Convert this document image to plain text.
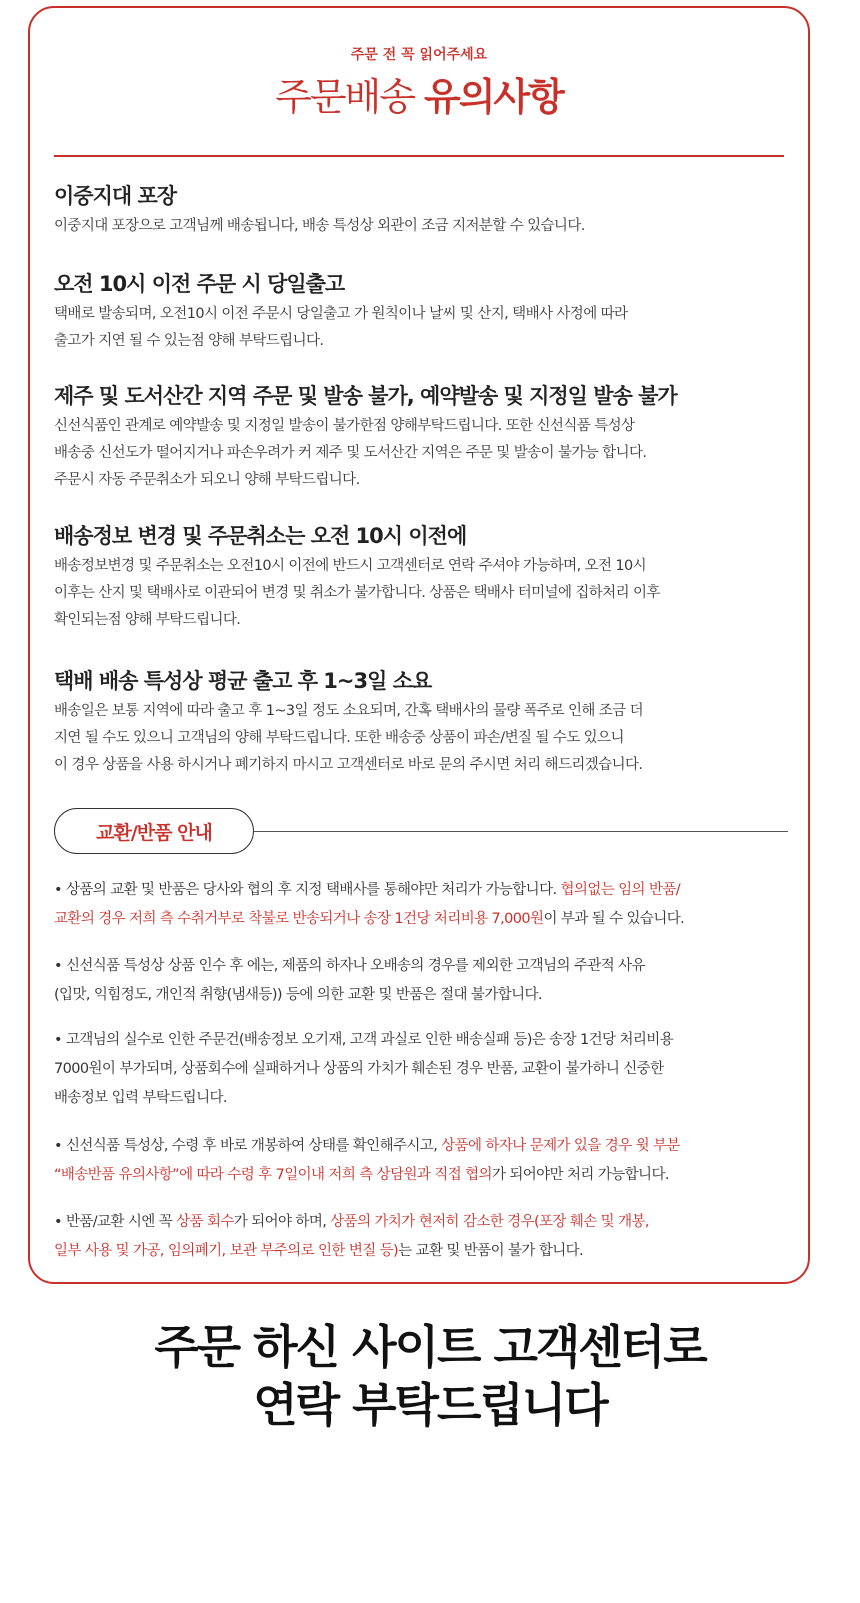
주문 전 꼭 읽어주세요
주문배송 유의사항
이중지대 포장
이중지대 포장으로 고객님께 배송됩니다, 배송 특성상 외관이 조금 지저분할 수 있습니다.
오전 10시 이전 주문 시 당일출고
택배로 발송되며, 오전10시 이전 주문시 당일출고 가 원칙이나 날씨 및 산지, 택배사 사정에 따라
출고가 지연 될 수 있는점 양해 부탁드립니다.
제주 및 도서산간 지역 주문 및 발송 불가, 예약발송 및 지정일 발송 불가
신선식품인 관계로 예약발송 및 지정일 발송이 불가한점 양해부탁드립니다. 또한 신선식품 특성상
배송중 신선도가 떨어지거나 파손우려가 커 제주 및 도서산간 지역은 주문 및 발송이 불가능 합니다.
주문시 자동 주문취소가 되오니 양해 부탁드립니다.
배송정보 변경 및 주문취소는 오전 10시 이전에
배송정보변경 및 주문취소는 오전10시 이전에 반드시 고객센터로 연락 주셔야 가능하며, 오전 10시
이후는 산지 및 택배사로 이관되어 변경 및 취소가 불가합니다. 상품은 택배사 터미널에 집하처리 이후
확인되는점 양해 부탁드립니다.
택배 배송 특성상 평균 출고 후 1~3일 소요
배송일은 보통 지역에 따라 출고 후 1~3일 정도 소요되며, 간혹 택배사의 물량 폭주로 인해 조금 더
지연 될 수도 있으니 고객님의 양해 부탁드립니다. 또한 배송중 상품이 파손/변질 될 수도 있으니
이 경우 상품을 사용 하시거나 폐기하지 마시고 고객센터로 바로 문의 주시면 처리 해드리겠습니다.
교환/반품 안내
• 상품의 교환 및 반품은 당사와 협의 후 지정 택배사를 통해야만 처리가 가능합니다. 협의없는 임의 반품/
교환의 경우 저희 측 수취거부로 착불로 반송되거나 송장 1건당 처리비용 7,000원이 부과 될 수 있습니다.
• 신선식품 특성상 상품 인수 후 에는, 제품의 하자나 오배송의 경우를 제외한 고객님의 주관적 사유
(입맛, 익힘정도, 개인적 취향(냄새등)) 등에 의한 교환 및 반품은 절대 불가합니다.
• 고객님의 실수로 인한 주문건(배송정보 오기재, 고객 과실로 인한 배송실패 등)은 송장 1건당 처리비용
7000원이 부가되며, 상품회수에 실패하거나 상품의 가치가 훼손된 경우 반품, 교환이 불가하니 신중한
배송정보 입력 부탁드립니다.
• 신선식품 특성상, 수령 후 바로 개봉하여 상태를 확인해주시고, 상품에 하자나 문제가 있을 경우 윗 부분
“배송반품 유의사항”에 따라 수령 후 7일이내 저희 측 상담원과 직접 협의가 되어야만 처리 가능합니다.
• 반품/교환 시엔 꼭 상품 회수가 되어야 하며, 상품의 가치가 현저히 감소한 경우(포장 훼손 및 개봉,
일부 사용 및 가공, 임의폐기, 보관 부주의로 인한 변질 등)는 교환 및 반품이 불가 합니다.
주문 하신 사이트 고객센터로
연락 부탁드립니다
